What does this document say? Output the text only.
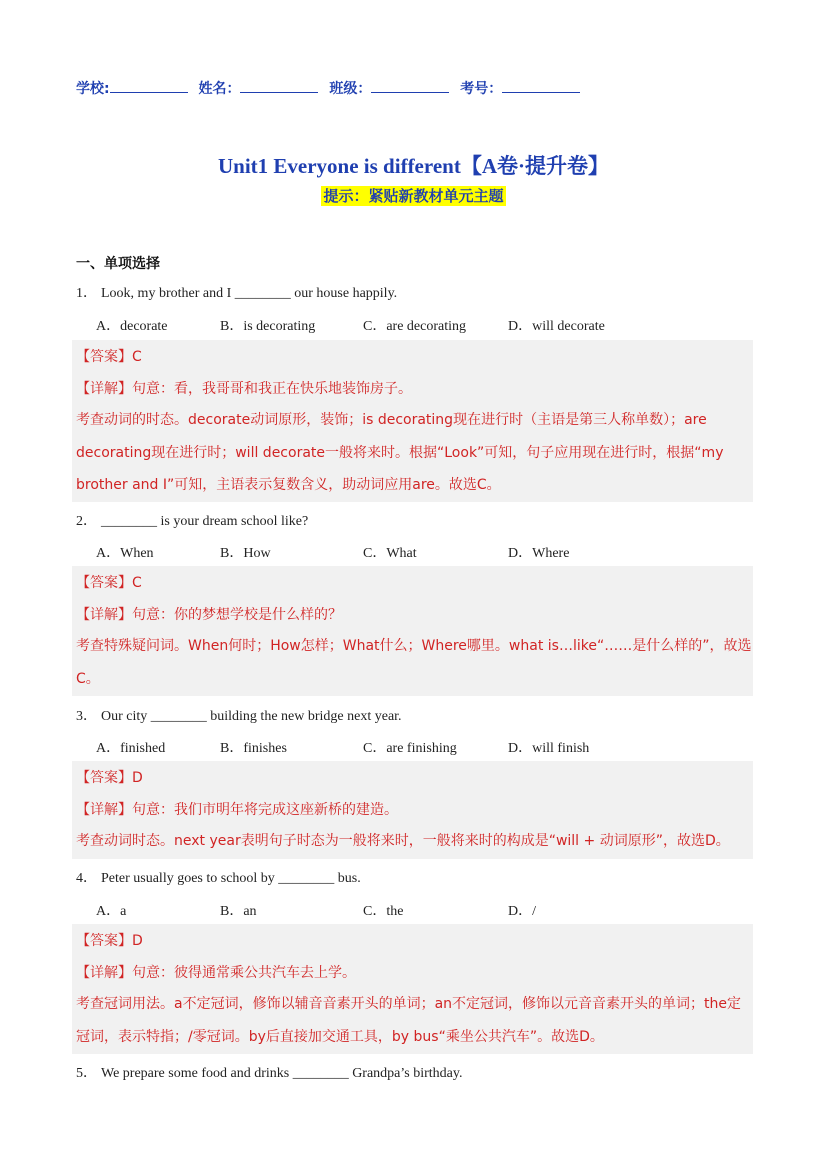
学校:	姓名：	班级：	考号：
Unit1 Everyone is different【A卷·提升卷】
提示：紧贴新教材单元主题
一、单项选择
1． Look, my brother and I ________ our house happily.
A．decorate	B．is decorating	C．are decorating	D．will decorate
【答案】C
【详解】句意：看，我哥哥和我正在快乐地装饰房子。
考查动词的时态。decorate动词原形，装饰；is decorating现在进行时（主语是第三人称单数）；are decorating现在进行时；will decorate一般将来时。根据“Look”可知，句子应用现在进行时，根据“my brother and I”可知，主语表示复数含义，助动词应用are。故选C。
2． ________ is your dream school like?
A．When	B．How	C．What	D．Where
【答案】C
【详解】句意：你的梦想学校是什么样的？
考查特殊疑问词。When何时；How怎样；What什么；Where哪里。what is…like“……是什么样的”，故选C。
3． Our city ________ building the new bridge next year.
A．finished	B．finishes	C．are finishing	D．will finish
【答案】D
【详解】句意：我们市明年将完成这座新桥的建造。
考查动词时态。next year表明句子时态为一般将来时，一般将来时的构成是“will + 动词原形”，故选D。
4． Peter usually goes to school by ________ bus.
A．a	B．an	C．the	D．/
【答案】D
【详解】句意：彼得通常乘公共汽车去上学。
考查冠词用法。a不定冠词，修饰以辅音音素开头的单词；an不定冠词，修饰以元音音素开头的单词；the定冠词，表示特指；/零冠词。by后直接加交通工具，by bus“乘坐公共汽车”。故选D。
5． We prepare some food and drinks ________ Grandpa’s birthday.
